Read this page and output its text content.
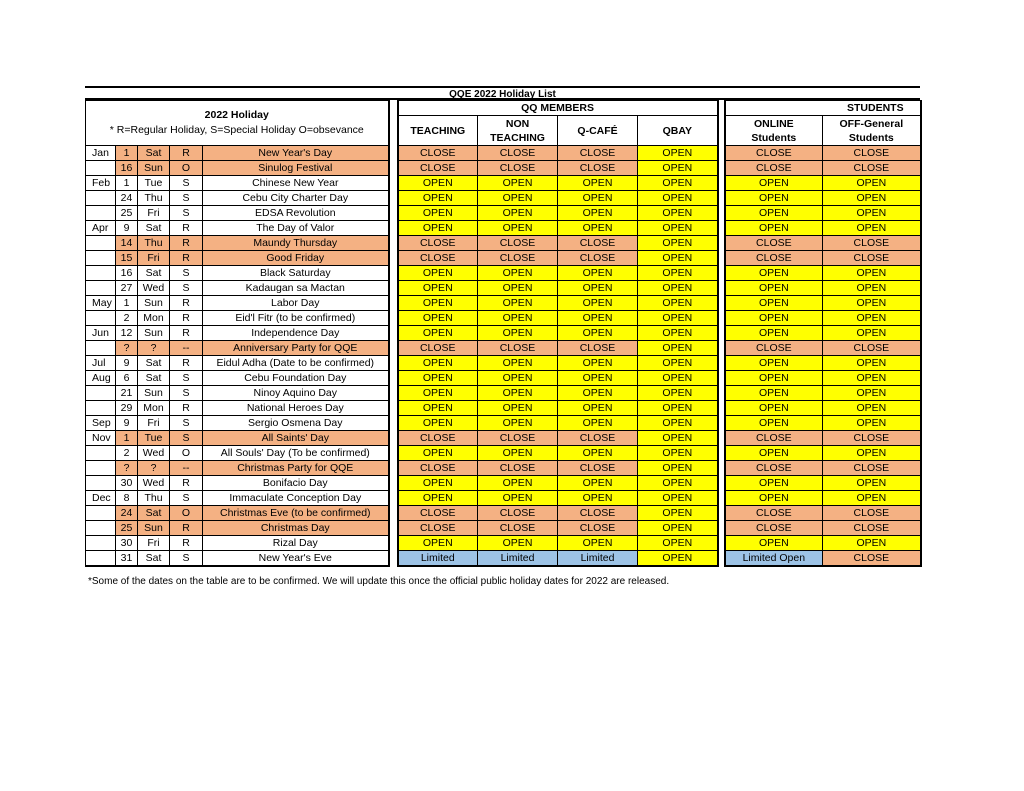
QQE 2022 Holiday List
2022 Holiday
* R=Regular Holiday, S=Special Holiday O=obsevance						QQ MEMBERS					STUDENTS	
						TEACHING	NON	Q-CAFÉ	QBAY		ONLINE	OFF-General
							TEACHING				Students	Students
Jan	1	Sat	R	New Year's Day		CLOSE	CLOSE	CLOSE	OPEN		CLOSE	CLOSE
	16	Sun	O	Sinulog Festival		CLOSE	CLOSE	CLOSE	OPEN		CLOSE	CLOSE
Feb	1	Tue	S	Chinese New Year		OPEN	OPEN	OPEN	OPEN		OPEN	OPEN
	24	Thu	S	Cebu City Charter Day		OPEN	OPEN	OPEN	OPEN		OPEN	OPEN
	25	Fri	S	EDSA Revolution		OPEN	OPEN	OPEN	OPEN		OPEN	OPEN
Apr	9	Sat	R	The Day of Valor		OPEN	OPEN	OPEN	OPEN		OPEN	OPEN
	14	Thu	R	Maundy Thursday		CLOSE	CLOSE	CLOSE	OPEN		CLOSE	CLOSE
	15	Fri	R	Good Friday		CLOSE	CLOSE	CLOSE	OPEN		CLOSE	CLOSE
	16	Sat	S	Black Saturday		OPEN	OPEN	OPEN	OPEN		OPEN	OPEN
	27	Wed	S	Kadaugan sa Mactan		OPEN	OPEN	OPEN	OPEN		OPEN	OPEN
May	1	Sun	R	Labor Day		OPEN	OPEN	OPEN	OPEN		OPEN	OPEN
	2	Mon	R	Eid'l Fitr (to be confirmed)		OPEN	OPEN	OPEN	OPEN		OPEN	OPEN
Jun	12	Sun	R	Independence Day		OPEN	OPEN	OPEN	OPEN		OPEN	OPEN
	?	?	--	Anniversary Party for QQE		CLOSE	CLOSE	CLOSE	OPEN		CLOSE	CLOSE
Jul	9	Sat	R	Eidul Adha (Date to be confirmed)		OPEN	OPEN	OPEN	OPEN		OPEN	OPEN
Aug	6	Sat	S	Cebu Foundation Day		OPEN	OPEN	OPEN	OPEN		OPEN	OPEN
	21	Sun	S	Ninoy Aquino Day		OPEN	OPEN	OPEN	OPEN		OPEN	OPEN
	29	Mon	R	National Heroes Day		OPEN	OPEN	OPEN	OPEN		OPEN	OPEN
Sep	9	Fri	S	Sergio Osmena Day		OPEN	OPEN	OPEN	OPEN		OPEN	OPEN
Nov	1	Tue	S	All Saints' Day		CLOSE	CLOSE	CLOSE	OPEN		CLOSE	CLOSE
	2	Wed	O	All Souls' Day (To be confirmed)		OPEN	OPEN	OPEN	OPEN		OPEN	OPEN
	?	?	--	Christmas Party for QQE		CLOSE	CLOSE	CLOSE	OPEN		CLOSE	CLOSE
	30	Wed	R	Bonifacio Day		OPEN	OPEN	OPEN	OPEN		OPEN	OPEN
Dec	8	Thu	S	Immaculate Conception Day		OPEN	OPEN	OPEN	OPEN		OPEN	OPEN
	24	Sat	O	Christmas Eve (to be confirmed)		CLOSE	CLOSE	CLOSE	OPEN		CLOSE	CLOSE
	25	Sun	R	Christmas Day		CLOSE	CLOSE	CLOSE	OPEN		CLOSE	CLOSE
	30	Fri	R	Rizal Day		OPEN	OPEN	OPEN	OPEN		OPEN	OPEN
	31	Sat	S	New Year's Eve		Limited	Limited	Limited	OPEN		Limited Open	CLOSE
*Some of the dates on the table are to be confirmed. We will update this once the official public holiday dates for 2022 are released.
